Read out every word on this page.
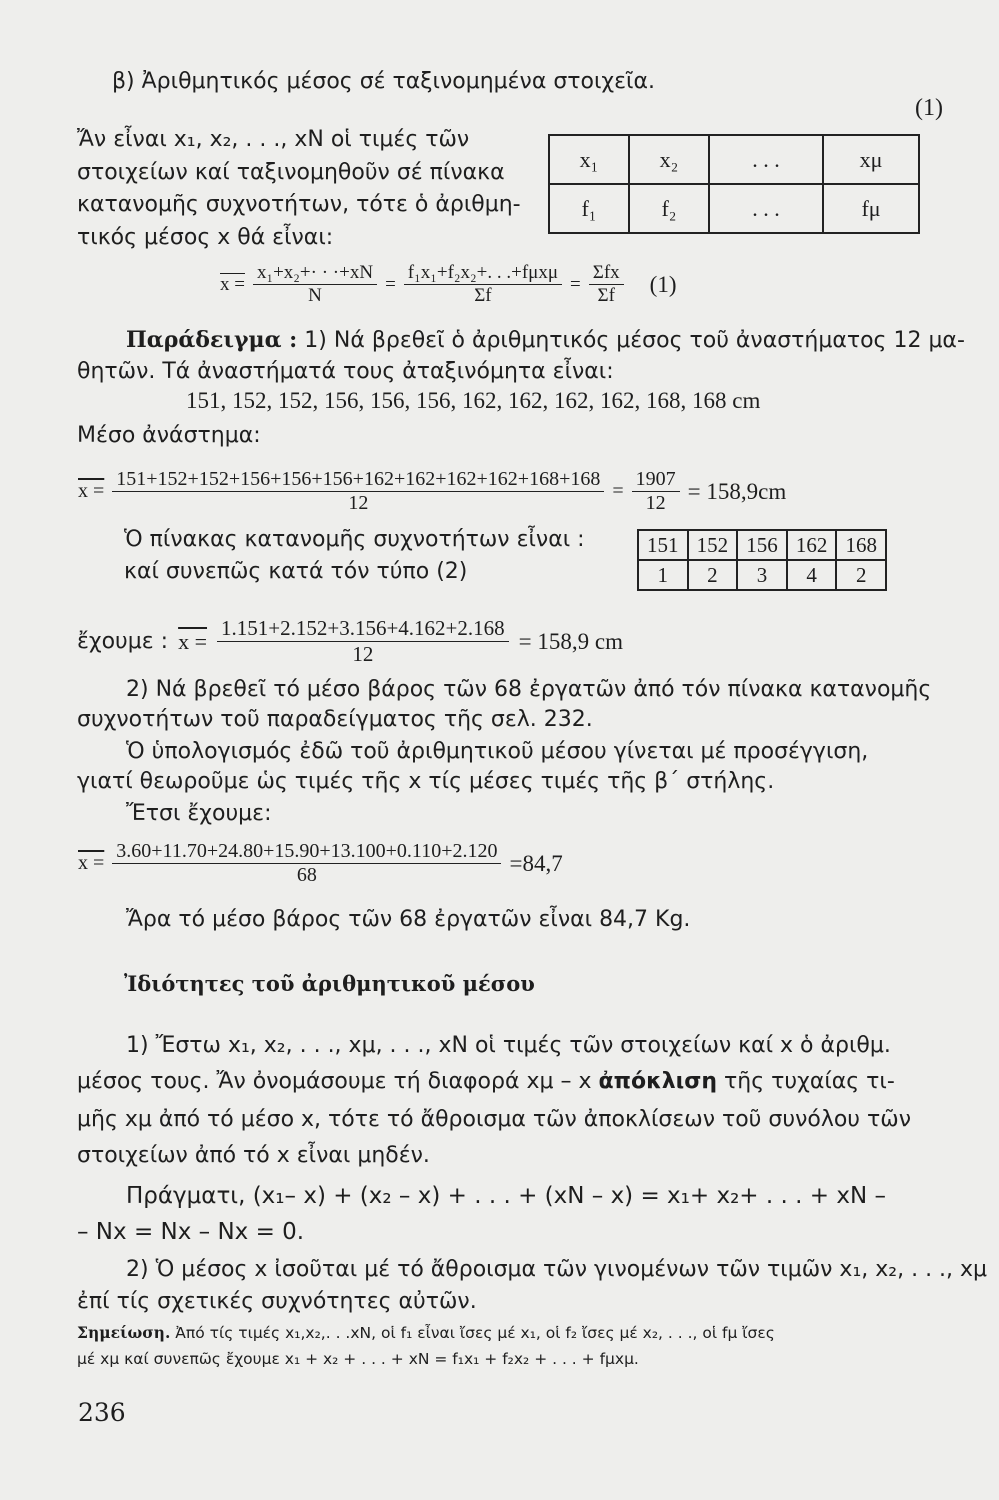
β) Ἀριθμητικός μέσος σέ ταξινομημένα στοιχεῖα.
(1)
Ἄν εἶναι x₁, x₂, . . ., xN οἱ τιμές τῶν
στοιχείων καί ταξινομηθοῦν σέ πίνακα
κατανομῆς συχνοτήτων, τότε ὁ ἀριθμη-
τικός μέσος x θά εἶναι:
x₁	x₂	. . .	xμ
f₁	f₂	. . .	fμ
$x = \frac{\text{x₁+x₂+· · ·+xN}}{N} = \frac{\text{f₁x₁+f₂x₂+. . .+fμxμ}}{\Sigma f} = \frac{\text{Σfx}}{\Sigma f} (1)$
Παράδειγμα : 1) Νά βρεθεῖ ὁ ἀριθμητικός μέσος τοῦ ἀναστήματος 12 μα-
θητῶν. Τά ἀναστήματά τους ἀταξινόμητα εἶναι:
151, 152, 152, 156, 156, 156, 162, 162, 162, 162, 168, 168 cm
Μέσο ἀνάστημα:
$x = \frac{151+152+152+156+156+156+162+162+162+162+168+168}{12} = \frac{1907}{12} = 158,9cm$
Ὁ πίνακας κατανομῆς συχνοτήτων εἶναι :
καί συνεπῶς κατά τόν τύπο (2)
151	152	156	162	168
1	2	3	4	2
ἔχουμε : $x = \frac{1.151+2.152+3.156+4.162+2.168}{12} = 158,9$ cm
2) Νά βρεθεῖ τό μέσο βάρος τῶν 68 ἐργατῶν ἀπό τόν πίνακα κατανομῆς
συχνοτήτων τοῦ παραδείγματος τῆς σελ. 232.
Ὁ ὑπολογισμός ἐδῶ τοῦ ἀριθμητικοῦ μέσου γίνεται μέ προσέγγιση,
γιατί θεωροῦμε ὡς τιμές τῆς x τίς μέσες τιμές τῆς β΄ στήλης.
Ἔτσι ἔχουμε:
$x = \frac{3.60+11.70+24.80+15.90+13.100+0.110+2.120}{68} =84,7$
Ἄρα τό μέσο βάρος τῶν 68 ἐργατῶν εἶναι 84,7 Kg.
Ἰδιότητες τοῦ ἀριθμητικοῦ μέσου
1) Ἔστω x₁, x₂, . . ., xμ, . . ., xN οἱ τιμές τῶν στοιχείων καί x ὁ ἀριθμ.
μέσος τους. Ἄν ὀνομάσουμε τή διαφορά xμ – x ἀπόκλιση τῆς τυχαίας τι-
μῆς xμ ἀπό τό μέσο x, τότε τό ἄθροισμα τῶν ἀποκλίσεων τοῦ συνόλου τῶν
στοιχείων ἀπό τό x εἶναι μηδέν.
Πράγματι, (x₁– x) + (x₂ – x) + . . . + (xN – x) = x₁+ x₂+ . . . + xN –
– Nx = Nx – Nx = 0.
2) Ὁ μέσος x ἰσοῦται μέ τό ἄθροισμα τῶν γινομένων τῶν τιμῶν x₁, x₂, . . ., xμ
ἐπί τίς σχετικές συχνότητες αὐτῶν.
Σημείωση. Ἀπό τίς τιμές x₁,x₂,. . .xN, οἱ f₁ εἶναι ἴσες μέ x₁, οἱ f₂ ἴσες μέ x₂, . . ., οἱ fμ ἴσες
μέ xμ καί συνεπῶς ἔχουμε x₁ + x₂ + . . . + xN = f₁x₁ + f₂x₂ + . . . + fμxμ.
236
